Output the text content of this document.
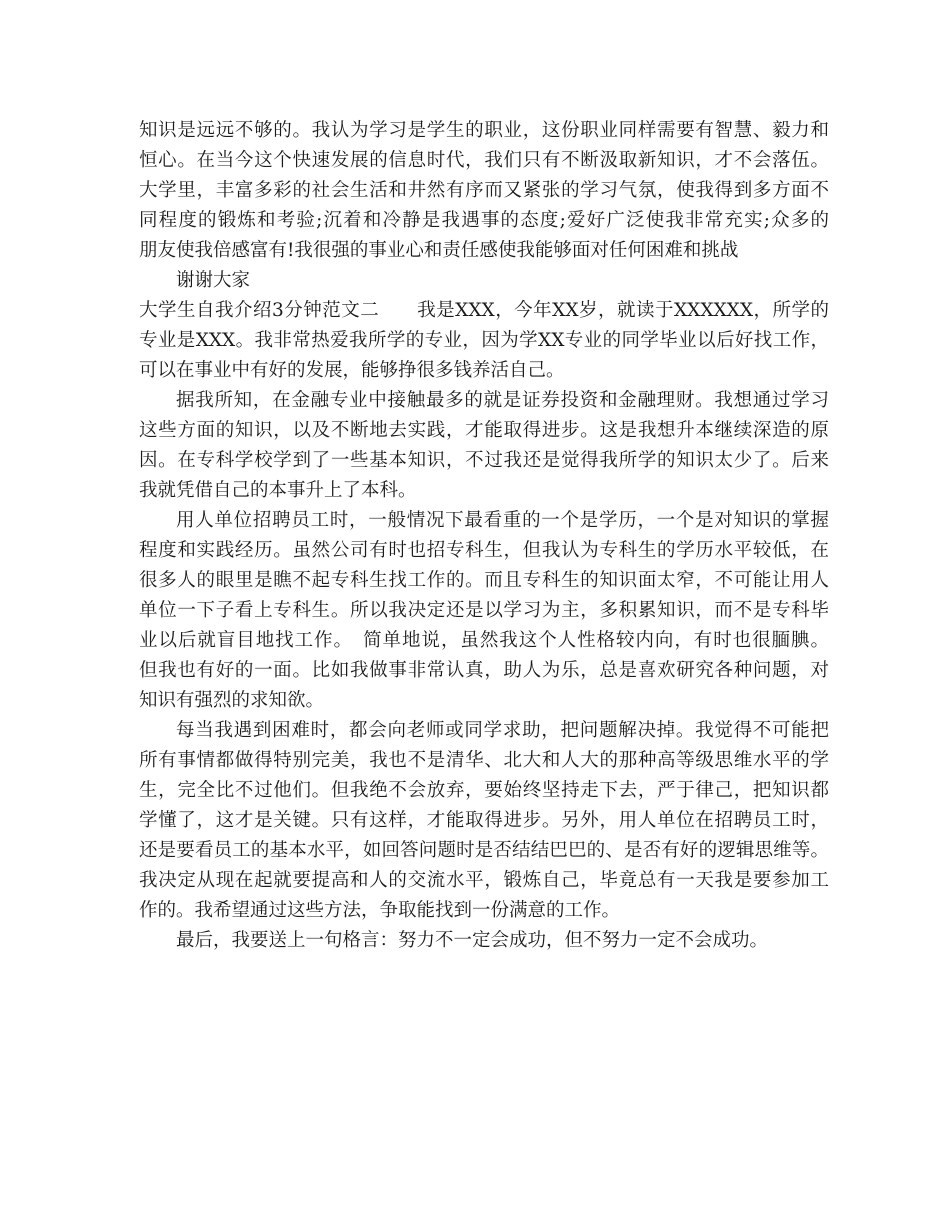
知识是远远不够的。我认为学习是学生的职业，这份职业同样需要有智慧、毅力和
恒心。在当今这个快速发展的信息时代，我们只有不断汲取新知识，才不会落伍。
大学里，丰富多彩的社会生活和井然有序而又紧张的学习气氛，使我得到多方面不
同程度的锻炼和考验;沉着和冷静是我遇事的态度;爱好广泛使我非常充实;众多的
朋友使我倍感富有!我很强的事业心和责任感使我能够面对任何困难和挑战
谢谢大家
大学生自我介绍3分钟范文二　　我是XXX，今年XX岁，就读于XXXXXX，所学的
专业是XXX。我非常热爱我所学的专业，因为学XX专业的同学毕业以后好找工作，
可以在事业中有好的发展，能够挣很多钱养活自己。
据我所知，在金融专业中接触最多的就是证券投资和金融理财。我想通过学习
这些方面的知识，以及不断地去实践，才能取得进步。这是我想升本继续深造的原
因。在专科学校学到了一些基本知识，不过我还是觉得我所学的知识太少了。后来
我就凭借自己的本事升上了本科。
用人单位招聘员工时，一般情况下最看重的一个是学历，一个是对知识的掌握
程度和实践经历。虽然公司有时也招专科生，但我认为专科生的学历水平较低，在
很多人的眼里是瞧不起专科生找工作的。而且专科生的知识面太窄，不可能让用人
单位一下子看上专科生。所以我决定还是以学习为主，多积累知识，而不是专科毕
业以后就盲目地找工作。　简单地说，虽然我这个人性格较内向，有时也很腼腆。
但我也有好的一面。比如我做事非常认真，助人为乐，总是喜欢研究各种问题，对
知识有强烈的求知欲。
每当我遇到困难时，都会向老师或同学求助，把问题解决掉。我觉得不可能把
所有事情都做得特别完美，我也不是清华、北大和人大的那种高等级思维水平的学
生，完全比不过他们。但我绝不会放弃，要始终坚持走下去，严于律己，把知识都
学懂了，这才是关键。只有这样，才能取得进步。另外，用人单位在招聘员工时，
还是要看员工的基本水平，如回答问题时是否结结巴巴的、是否有好的逻辑思维等。
我决定从现在起就要提高和人的交流水平，锻炼自己，毕竟总有一天我是要参加工
作的。我希望通过这些方法，争取能找到一份满意的工作。
最后，我要送上一句格言：努力不一定会成功，但不努力一定不会成功。
